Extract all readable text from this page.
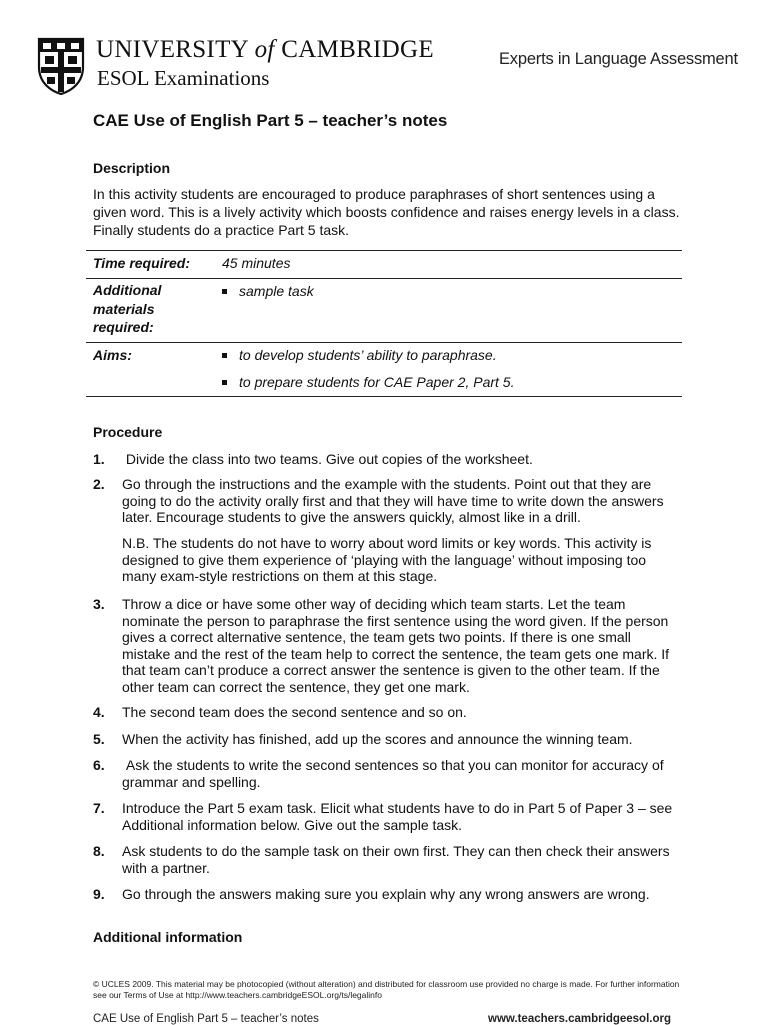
UNIVERSITY of CAMBRIDGE
ESOL Examinations
Experts in Language Assessment
CAE Use of English Part 5 – teacher’s notes
Description
In this activity students are encouraged to produce paraphrases of short sentences using a given word. This is a lively activity which boosts confidence and raises energy levels in a class. Finally students do a practice Part 5 task.
Time required: 45 minutes
Additional
materials
required:
sample task
Aims:	to develop students’ ability to paraphrase.
to prepare students for CAE Paper 2, Part 5.
Procedure
1. Divide the class into two teams. Give out copies of the worksheet.
2. Go through the instructions and the example with the students. Point out that they are going to do the activity orally first and that they will have time to write down the answers later. Encourage students to give the answers quickly, almost like in a drill.
N.B. The students do not have to worry about word limits or key words. This activity is designed to give them experience of ‘playing with the language’ without imposing too many exam-style restrictions on them at this stage.
3. Throw a dice or have some other way of deciding which team starts. Let the team nominate the person to paraphrase the first sentence using the word given. If the person gives a correct alternative sentence, the team gets two points. If there is one small mistake and the rest of the team help to correct the sentence, the team gets one mark. If that team can’t produce a correct answer the sentence is given to the other team. If the other team can correct the sentence, they get one mark.
4. The second team does the second sentence and so on.
5. When the activity has finished, add up the scores and announce the winning team.
6. Ask the students to write the second sentences so that you can monitor for accuracy of grammar and spelling.
7. Introduce the Part 5 exam task. Elicit what students have to do in Part 5 of Paper 3 – see Additional information below. Give out the sample task.
8. Ask students to do the sample task on their own first. They can then check their answers with a partner.
9. Go through the answers making sure you explain why any wrong answers are wrong.
Additional information
© UCLES 2009. This material may be photocopied (without alteration) and distributed for classroom use provided no charge is made. For further information see our Terms of Use at http://www.teachers.cambridgeESOL.org/ts/legalinfo
CAE Use of English Part 5 – teacher’s notes	www.teachers.cambridgeesol.org
